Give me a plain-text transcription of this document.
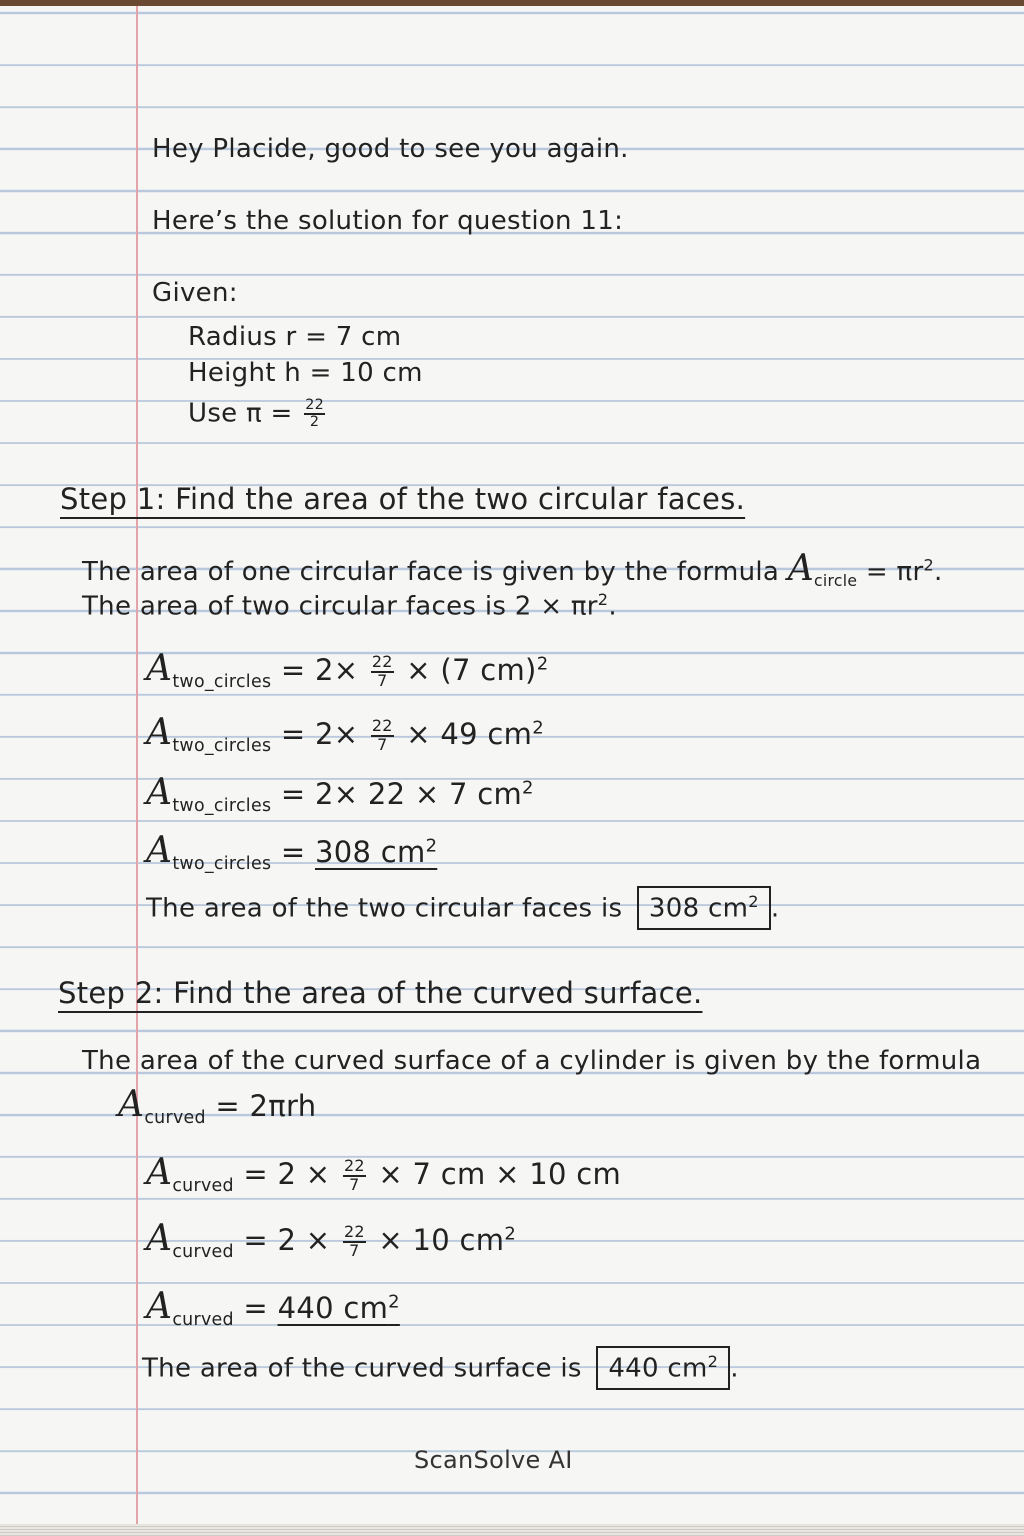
Hey Placide, good to see you again.
Here’s the solution for question 11:
Given:
Radius r = 7 cm
Height h = 10 cm
Use $\pi = \frac{22}{2}$
Step 1: Find the area of the two circular faces.
The area of one circular face is given by the formula $A_{circle} = \pi r^2$.
The area of two circular faces is $2 \times \pi r^2$.
$A_{two\_circles} = 2\times \frac{22}{7} \times (7$ cm)$^2$
$A_{two\_circles} = 2\times \frac{22}{7} \times 49$ $cm^2$
$A_{two\_circles} = 2\times 22 \times 7$ $cm^2$
$A_{two\_circles} = 308$ $cm^2$
The area of the two circular faces is 308 $cm^2$ .
Step 2: Find the area of the curved surface.
The area of the curved surface of a cylinder is given by the formula
$A_{curved} = 2\pi rh$
$A_{curved} = 2 \times \frac{22}{7} \times 7$ cm × 10 cm
$A_{curved} = 2 \times \frac{22}{7} \times 10$ $cm^2$
$A_{curved} = 440$ $cm^2$
The area of the curved surface is 440 $cm^2$ .
ScanSolve AI
